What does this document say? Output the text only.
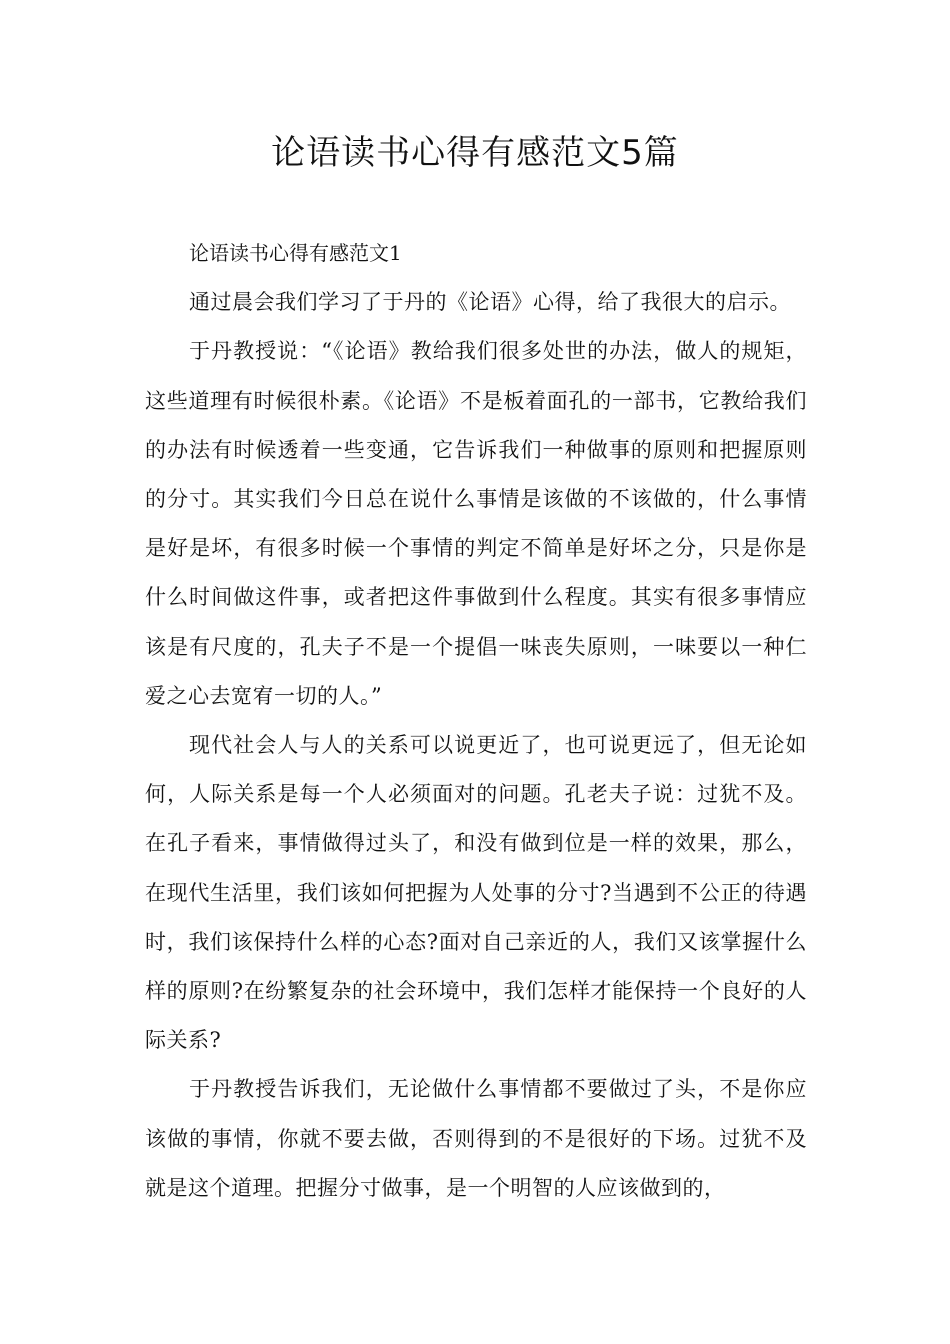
论语读书心得有感范文5篇

论语读书心得有感范文1

通过晨会我们学习了于丹的《论语》心得，给了我很大的启示。

于丹教授说：“《论语》教给我们很多处世的办法，做人的规矩，这些道理有时候很朴素。《论语》不是板着面孔的一部书，它教给我们的办法有时候透着一些变通，它告诉我们一种做事的原则和把握原则的分寸。其实我们今日总在说什么事情是该做的不该做的，什么事情是好是坏，有很多时候一个事情的判定不简单是好坏之分，只是你是什么时间做这件事，或者把这件事做到什么程度。其实有很多事情应该是有尺度的，孔夫子不是一个提倡一味丧失原则，一味要以一种仁爱之心去宽宥一切的人。”

现代社会人与人的关系可以说更近了，也可说更远了，但无论如何，人际关系是每一个人必须面对的问题。孔老夫子说：过犹不及。在孔子看来，事情做得过头了，和没有做到位是一样的效果，那么，在现代生活里，我们该如何把握为人处事的分寸?当遇到不公正的待遇时，我们该保持什么样的心态?面对自己亲近的人，我们又该掌握什么样的原则?在纷繁复杂的社会环境中，我们怎样才能保持一个良好的人际关系?

于丹教授告诉我们，无论做什么事情都不要做过了头，不是你应该做的事情，你就不要去做，否则得到的不是很好的下场。过犹不及就是这个道理。把握分寸做事，是一个明智的人应该做到的，
